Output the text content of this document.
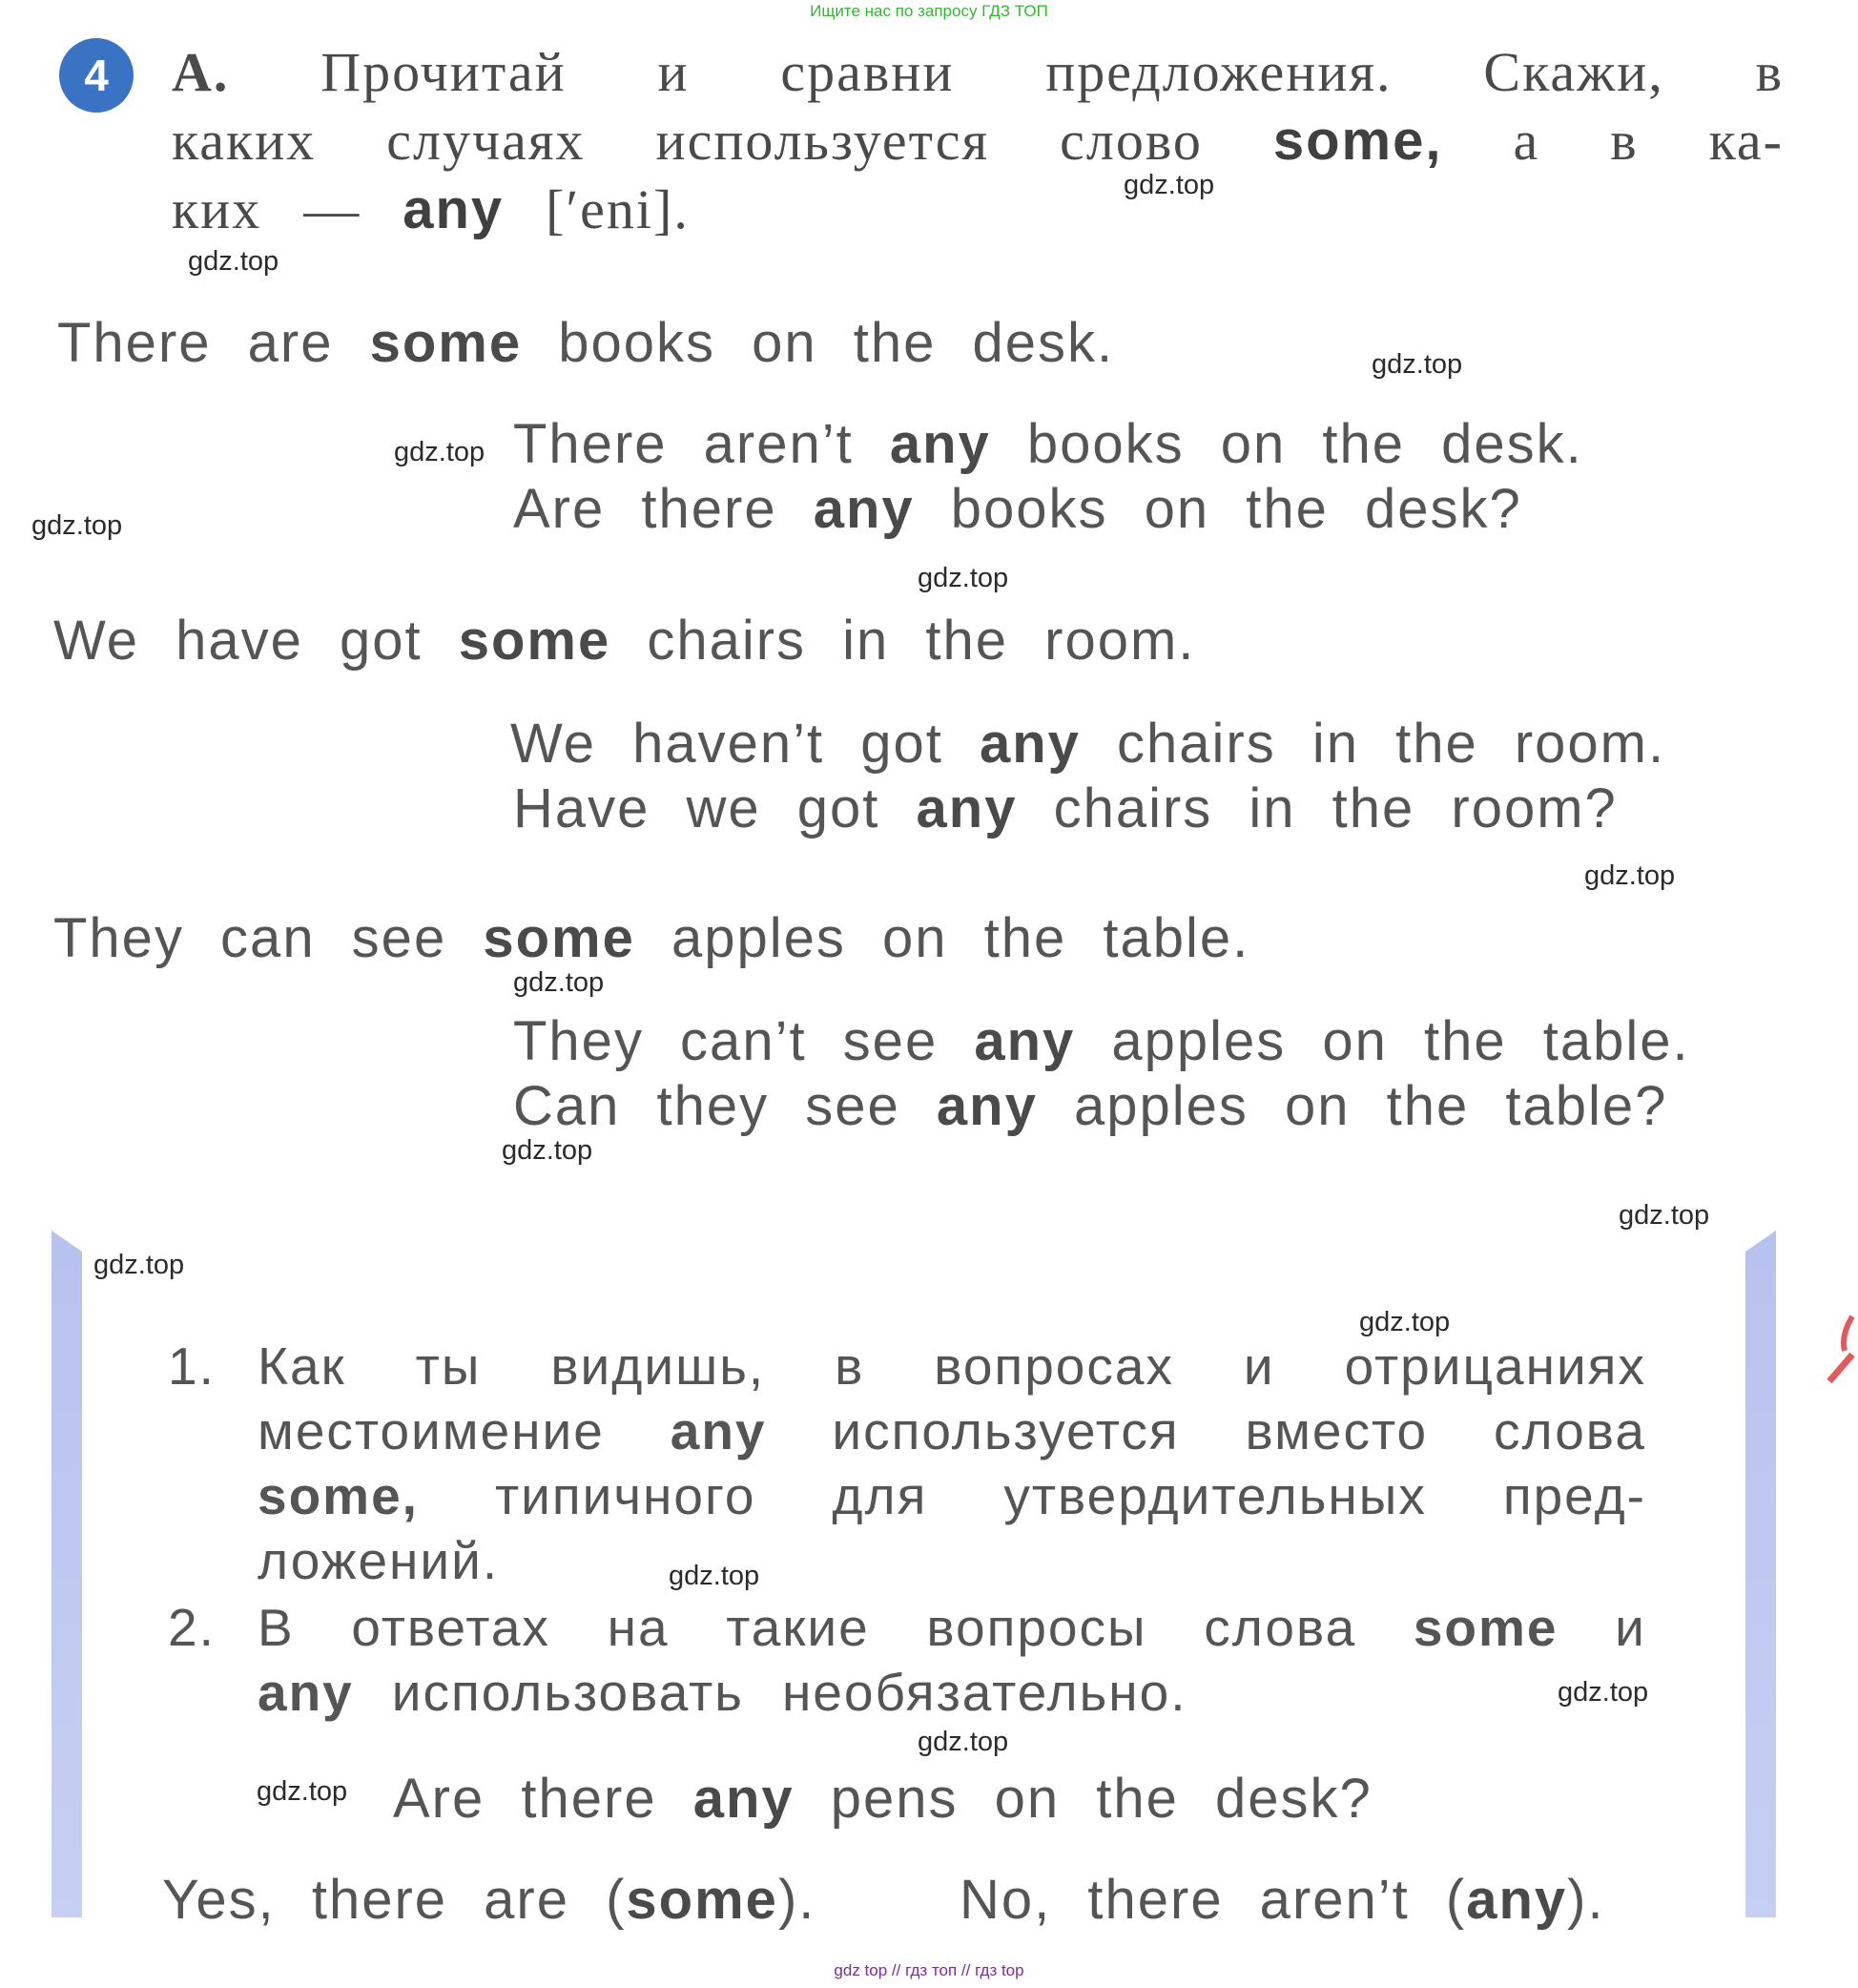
Ищите нас по запросу ГДЗ ТОП
4	А. Прочитай и сравни предложения. Скажи, в
каких случаях используется слово some, а в ка-
ких — any [′eni].
There are some books on the desk.
There aren’t any books on the desk.
Are there any books on the desk?
We have got some chairs in the room.
We haven’t got any chairs in the room.
Have we got any chairs in the room?
They can see some apples on the table.
They can’t see any apples on the table.
Can they see any apples on the table?
1. Как ты видишь, в вопросах и отрицаниях
местоимение any используется вместо слова
some, типичного для утвердительных пред-
ложений.
2. В ответах на такие вопросы слова some и
any использовать необязательно.
Are there any pens on the desk?
Yes, there are (some).	No, there aren’t (any).
gdz.top
gdz.top
gdz.top
gdz.top
gdz.top
gdz.top
gdz.top
gdz.top
gdz.top
gdz.top
gdz.top
gdz.top
gdz.top
gdz.top
gdz.top
gdz.top
gdz top // гдз топ // гдз top
